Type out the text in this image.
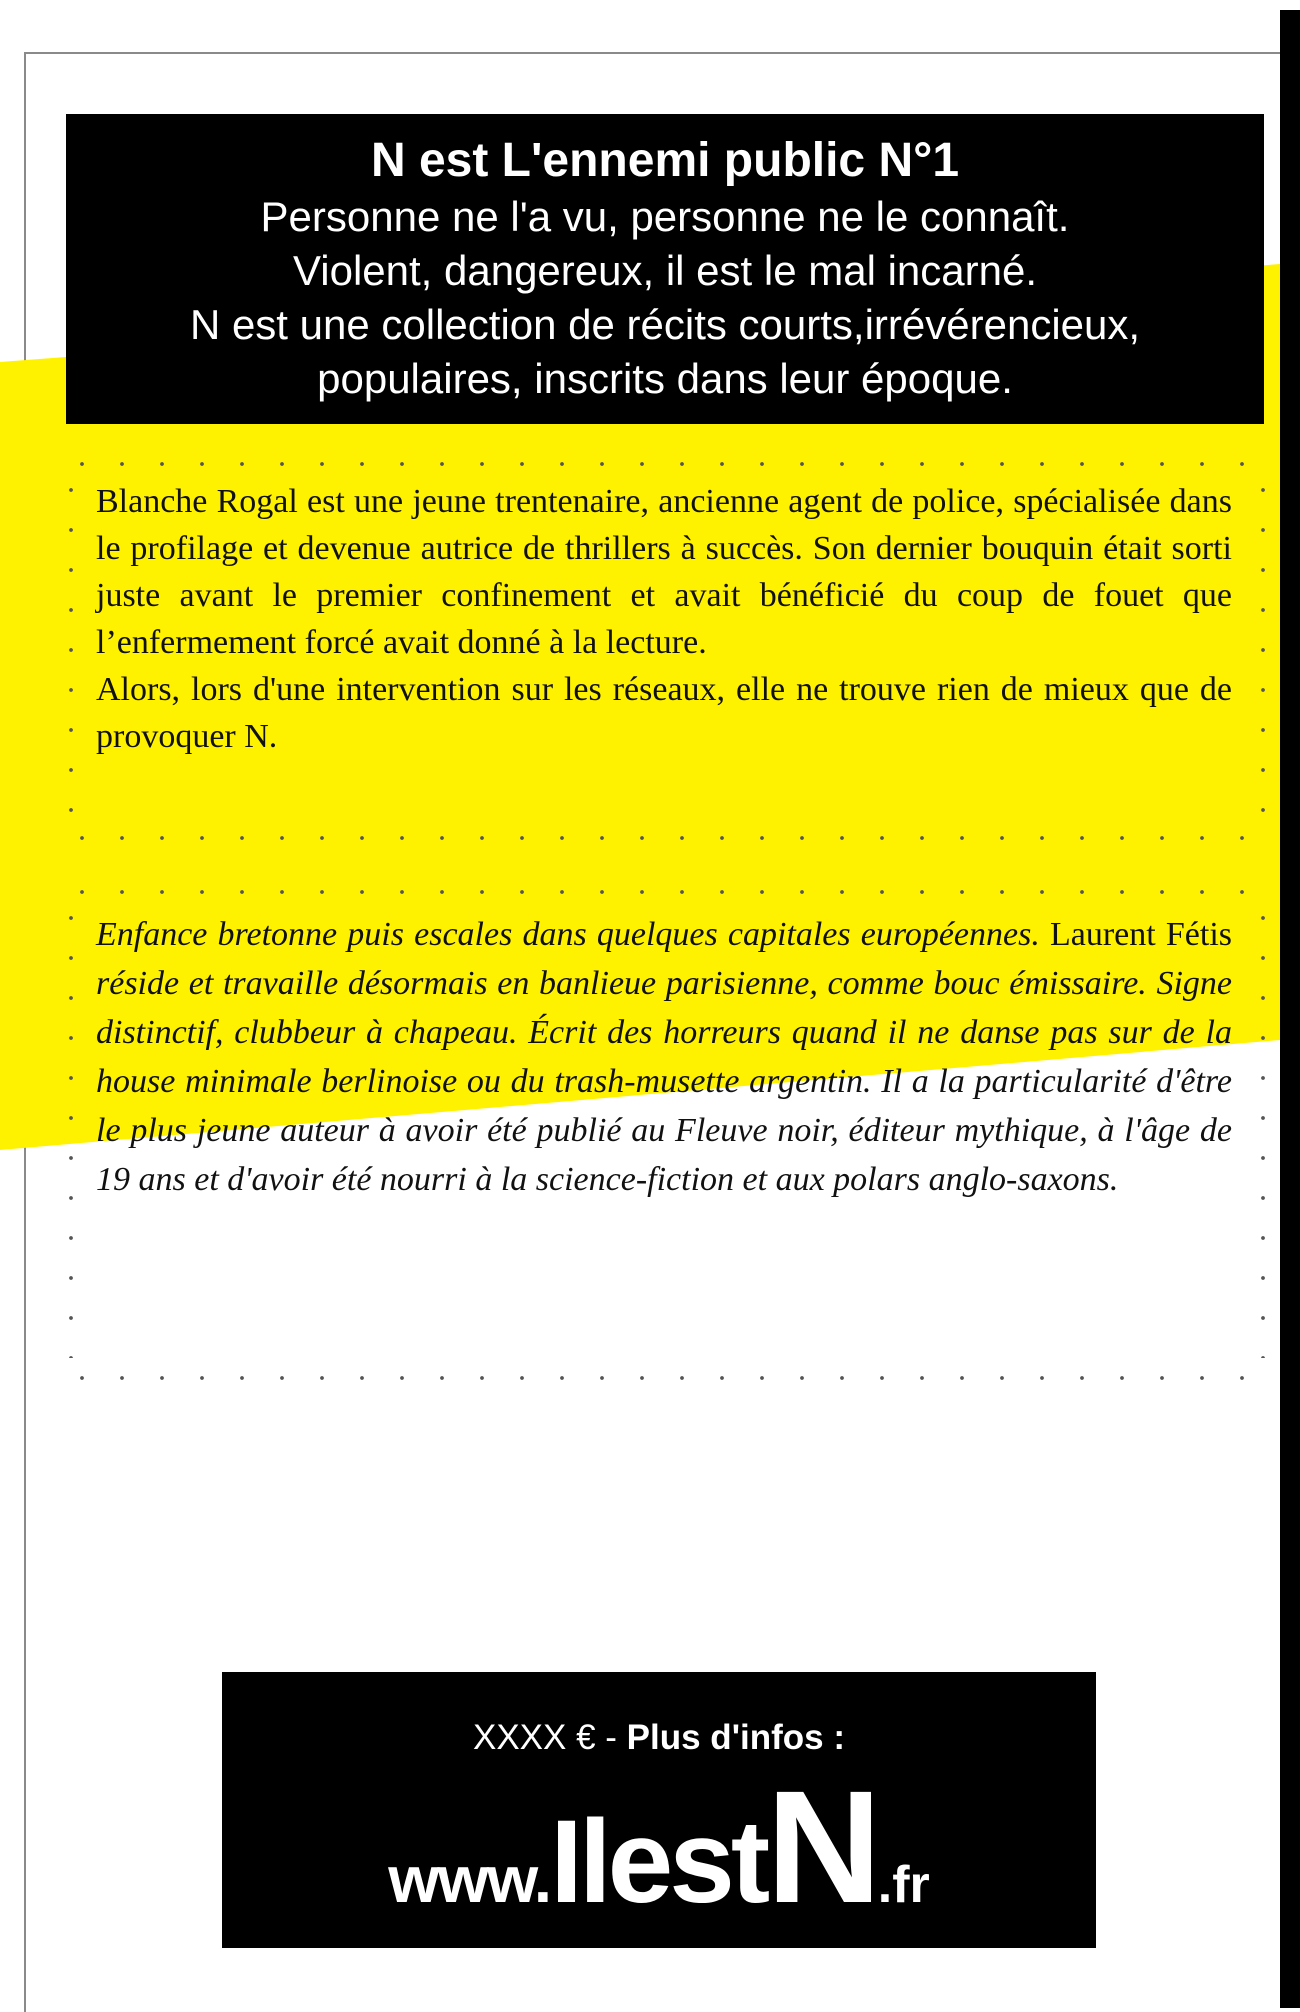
N est L'ennemi public N°1
Personne ne l'a vu, personne ne le connaît.
Violent, dangereux, il est le mal incarné.
N est une collection de récits courts,irrévérencieux,
populaires, inscrits dans leur époque.

Blanche Rogal est une jeune trentenaire, ancienne agent de police, spécialisée dans le profilage et devenue autrice de thrillers à succès. Son dernier bouquin était sorti juste avant le premier confinement et avait bénéficié du coup de fouet que l’enfermement forcé avait donné à la lecture.

Alors, lors d'une intervention sur les réseaux, elle ne trouve rien de mieux que de provoquer N.

Enfance bretonne puis escales dans quelques capitales européennes. Laurent Fétis réside et travaille désormais en banlieue parisienne, comme bouc émissaire. Signe distinctif, clubbeur à chapeau. Écrit des horreurs quand il ne danse pas sur de la house minimale berlinoise ou du trash-musette argentin. Il a la particularité d'être le plus jeune auteur à avoir été publié au Fleuve noir, éditeur mythique, à l'âge de 19 ans et d'avoir été nourri à la science-fiction et aux polars anglo-saxons.
XXXX € - Plus d'infos :
www.IlestN.fr
